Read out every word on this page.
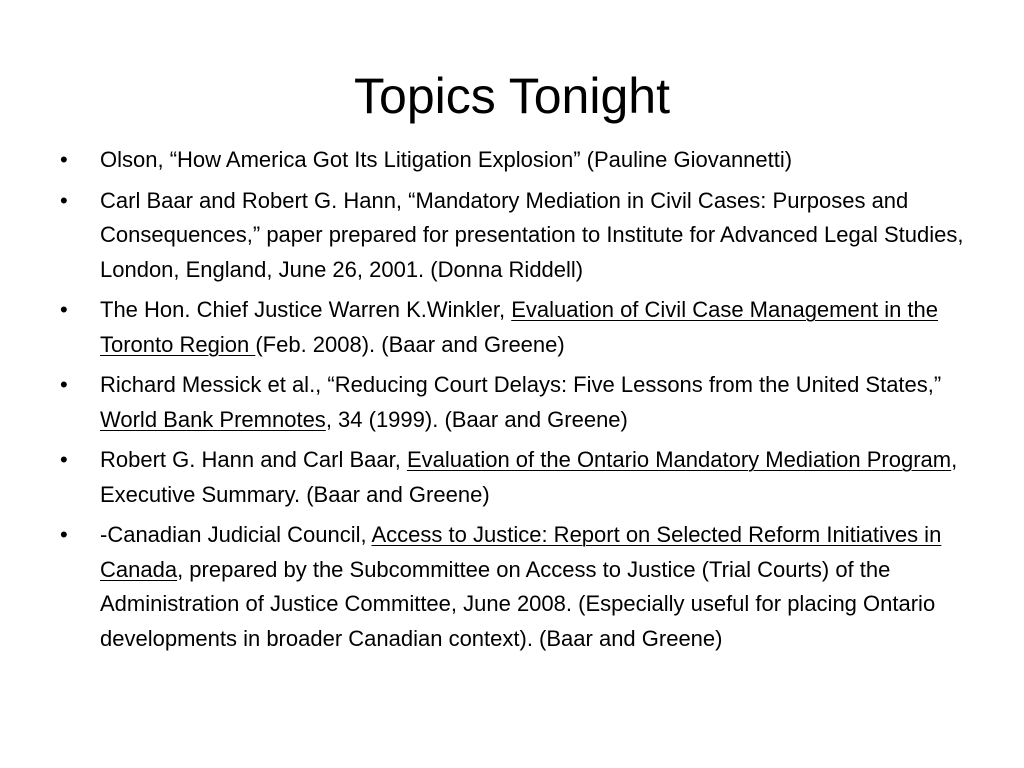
Topics Tonight
•	Olson, “How America Got Its Litigation Explosion” (Pauline Giovannetti)
•	Carl Baar and Robert G. Hann, “Mandatory Mediation in Civil Cases: Purposes and Consequences,” paper prepared for presentation to Institute for Advanced Legal Studies, London, England, June 26, 2001. (Donna Riddell)
•	The Hon. Chief Justice Warren K.Winkler, Evaluation of Civil Case Management in the Toronto Region (Feb. 2008). (Baar and Greene)
•	Richard Messick et al., “Reducing Court Delays: Five Lessons from the United States,” World Bank Premnotes, 34 (1999). (Baar and Greene)
•	Robert G. Hann and Carl Baar, Evaluation of the Ontario Mandatory Mediation Program, Executive Summary. (Baar and Greene)
•	-Canadian Judicial Council, Access to Justice: Report on Selected Reform Initiatives in Canada, prepared by the Subcommittee on Access to Justice (Trial Courts) of the Administration of Justice Committee, June 2008. (Especially useful for placing Ontario developments in broader Canadian context). (Baar and Greene)
